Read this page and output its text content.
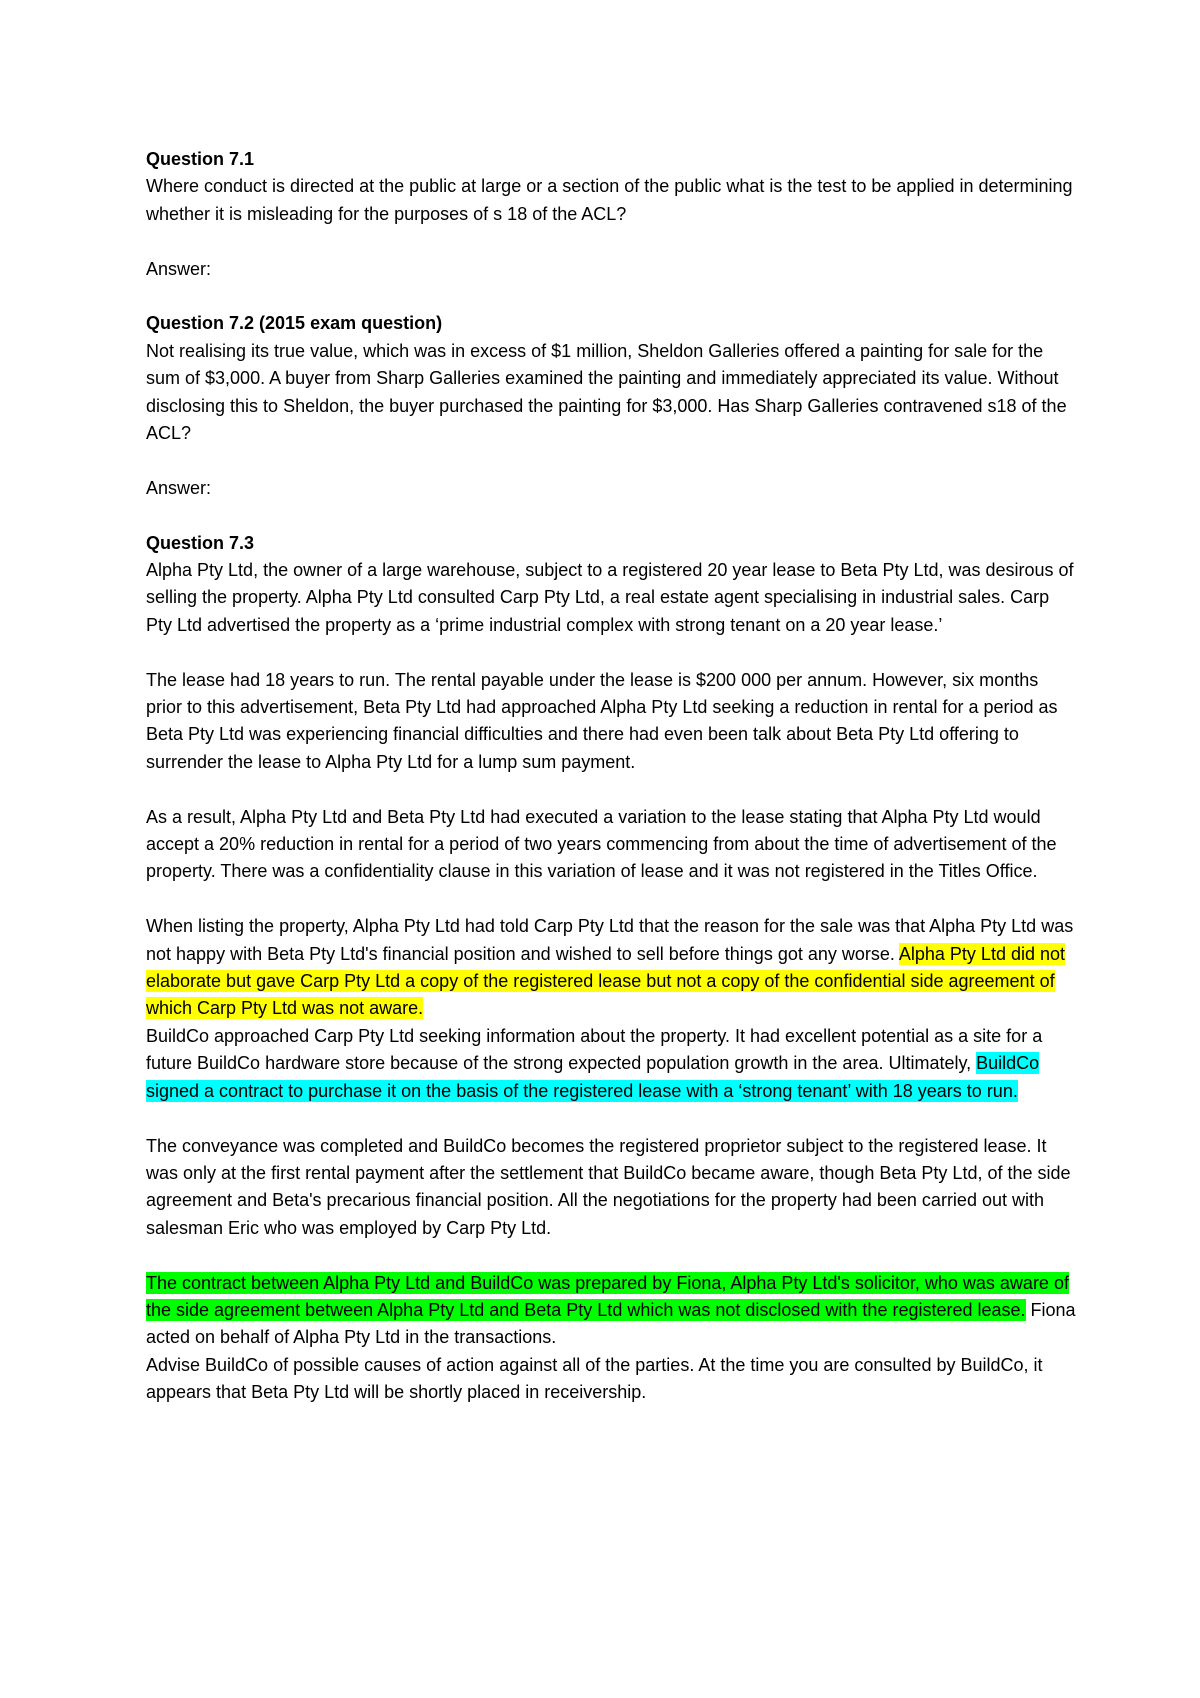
Question 7.1
Where conduct is directed at the public at large or a section of the public what is the test to be applied in determining whether it is misleading for the purposes of s 18 of the ACL?
Answer:
Question 7.2 (2015 exam question)
Not realising its true value, which was in excess of $1 million, Sheldon Galleries offered a painting for sale for the sum of $3,000. A buyer from Sharp Galleries examined the painting and immediately appreciated its value. Without disclosing this to Sheldon, the buyer purchased the painting for $3,000. Has Sharp Galleries contravened s18 of the ACL?
Answer:
Question 7.3
Alpha Pty Ltd, the owner of a large warehouse, subject to a registered 20 year lease to Beta Pty Ltd, was desirous of selling the property. Alpha Pty Ltd consulted Carp Pty Ltd, a real estate agent specialising in industrial sales. Carp Pty Ltd advertised the property as a ‘prime industrial complex with strong tenant on a 20 year lease.’
The lease had 18 years to run. The rental payable under the lease is $200 000 per annum. However, six months prior to this advertisement, Beta Pty Ltd had approached Alpha Pty Ltd seeking a reduction in rental for a period as Beta Pty Ltd was experiencing financial difficulties and there had even been talk about Beta Pty Ltd offering to surrender the lease to Alpha Pty Ltd for a lump sum payment.
As a result, Alpha Pty Ltd and Beta Pty Ltd had executed a variation to the lease stating that Alpha Pty Ltd would accept a 20% reduction in rental for a period of two years commencing from about the time of advertisement of the property. There was a confidentiality clause in this variation of lease and it was not registered in the Titles Office.
When listing the property, Alpha Pty Ltd had told Carp Pty Ltd that the reason for the sale was that Alpha Pty Ltd was not happy with Beta Pty Ltd's financial position and wished to sell before things got any worse. Alpha Pty Ltd did not elaborate but gave Carp Pty Ltd a copy of the registered lease but not a copy of the confidential side agreement of which Carp Pty Ltd was not aware.
BuildCo approached Carp Pty Ltd seeking information about the property. It had excellent potential as a site for a future BuildCo hardware store because of the strong expected population growth in the area. Ultimately, BuildCo signed a contract to purchase it on the basis of the registered lease with a ‘strong tenant’ with 18 years to run.
The conveyance was completed and BuildCo becomes the registered proprietor subject to the registered lease. It was only at the first rental payment after the settlement that BuildCo became aware, though Beta Pty Ltd, of the side agreement and Beta's precarious financial position. All the negotiations for the property had been carried out with salesman Eric who was employed by Carp Pty Ltd.
The contract between Alpha Pty Ltd and BuildCo was prepared by Fiona, Alpha Pty Ltd's solicitor, who was aware of the side agreement between Alpha Pty Ltd and Beta Pty Ltd which was not disclosed with the registered lease. Fiona acted on behalf of Alpha Pty Ltd in the transactions.
Advise BuildCo of possible causes of action against all of the parties. At the time you are consulted by BuildCo, it appears that Beta Pty Ltd will be shortly placed in receivership.
